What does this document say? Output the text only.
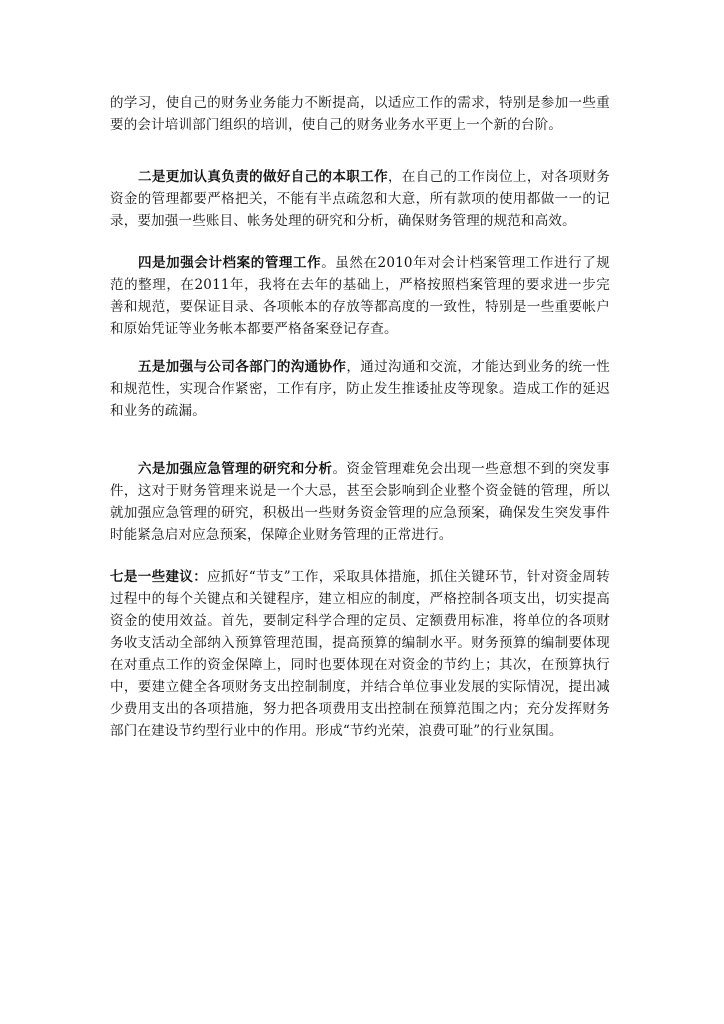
的学习，使自己的财务业务能力不断提高，以适应工作的需求，特别是参加一些重要的会计培训部门组织的培训，使自己的财务业务水平更上一个新的台阶。
二是更加认真负责的做好自己的本职工作，在自己的工作岗位上，对各项财务资金的管理都要严格把关，不能有半点疏忽和大意，所有款项的使用都做一一的记录，要加强一些账目、帐务处理的研究和分析，确保财务管理的规范和高效。
四是加强会计档案的管理工作。虽然在2010年对会计档案管理工作进行了规范的整理，在2011年，我将在去年的基础上，严格按照档案管理的要求进一步完善和规范，要保证目录、各项帐本的存放等都高度的一致性，特别是一些重要帐户和原始凭证等业务帐本都要严格备案登记存查。
五是加强与公司各部门的沟通协作，通过沟通和交流，才能达到业务的统一性和规范性，实现合作紧密，工作有序，防止发生推诿扯皮等现象。造成工作的延迟和业务的疏漏。
六是加强应急管理的研究和分析。资金管理难免会出现一些意想不到的突发事件，这对于财务管理来说是一个大忌，甚至会影响到企业整个资金链的管理，所以就加强应急管理的研究，积极出一些财务资金管理的应急预案，确保发生突发事件时能紧急启对应急预案，保障企业财务管理的正常进行。
七是一些建议：应抓好“节支”工作，采取具体措施，抓住关键环节，针对资金周转过程中的每个关键点和关键程序，建立相应的制度，严格控制各项支出，切实提高资金的使用效益。首先，要制定科学合理的定员、定额费用标准，将单位的各项财务收支活动全部纳入预算管理范围，提高预算的编制水平。财务预算的编制要体现在对重点工作的资金保障上，同时也要体现在对资金的节约上；其次，在预算执行中，要建立健全各项财务支出控制制度，并结合单位事业发展的实际情况，提出减少费用支出的各项措施，努力把各项费用支出控制在预算范围之内；充分发挥财务部门在建设节约型行业中的作用。形成“节约光荣，浪费可耻”的行业氛围。
